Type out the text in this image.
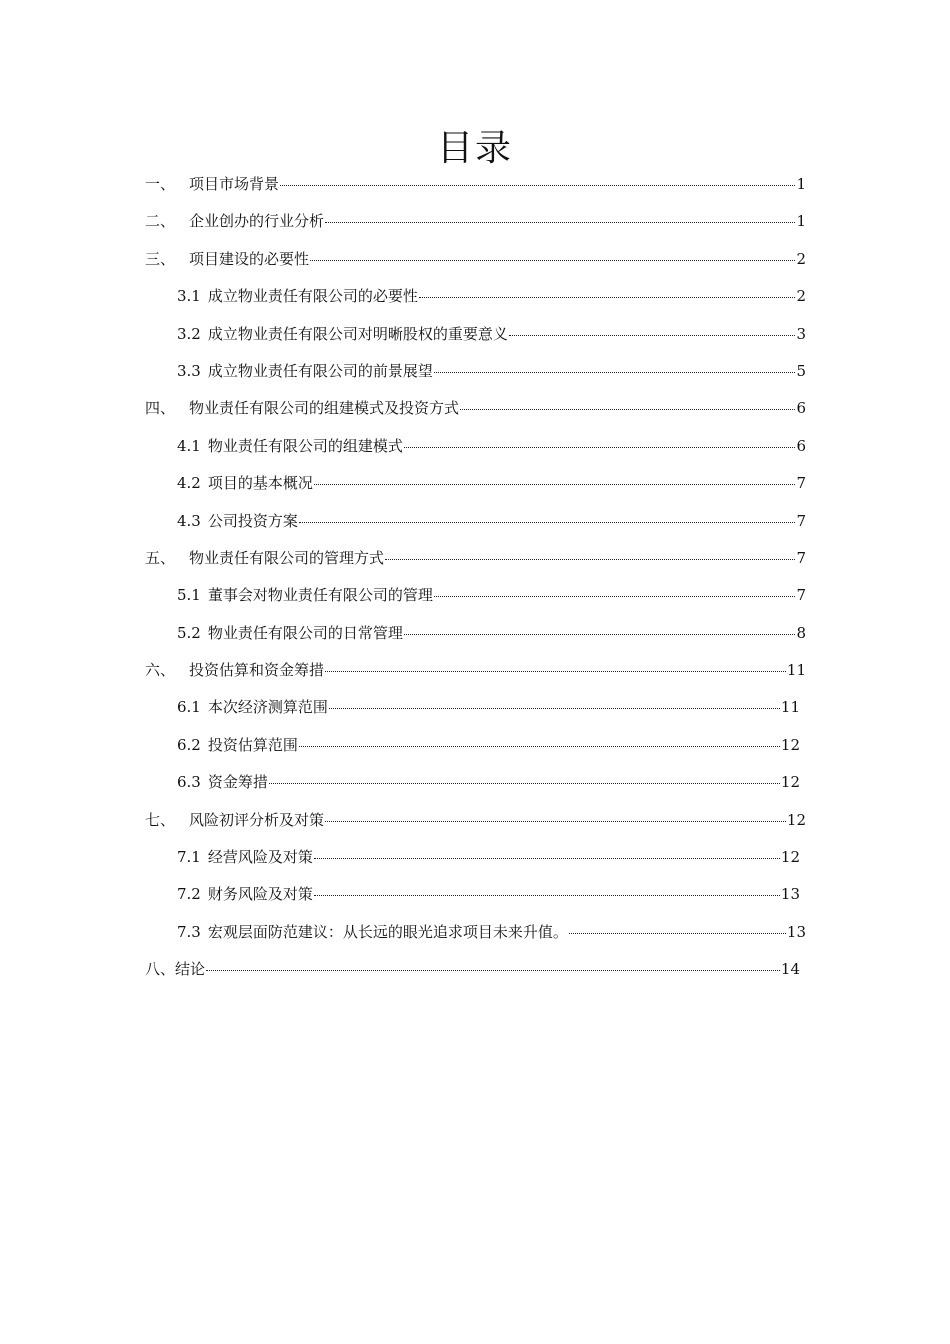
目录
一、 项目市场背景	1
二、 企业创办的行业分析	1
三、 项目建设的必要性	2
3.1 成立物业责任有限公司的必要性	2
3.2 成立物业责任有限公司对明晰股权的重要意义	3
3.3 成立物业责任有限公司的前景展望	5
四、 物业责任有限公司的组建模式及投资方式	6
4.1 物业责任有限公司的组建模式	6
4.2 项目的基本概况	7
4.3 公司投资方案	7
五、 物业责任有限公司的管理方式	7
5.1 董事会对物业责任有限公司的管理	7
5.2 物业责任有限公司的日常管理	8
六、 投资估算和资金筹措	11
6.1 本次经济测算范围	11
6.2 投资估算范围	12
6.3 资金筹措	12
七、 风险初评分析及对策	12
7.1 经营风险及对策	12
7.2 财务风险及对策	13
7.3 宏观层面防范建议：从长远的眼光追求项目未来升值。	13
八、 结论	14
